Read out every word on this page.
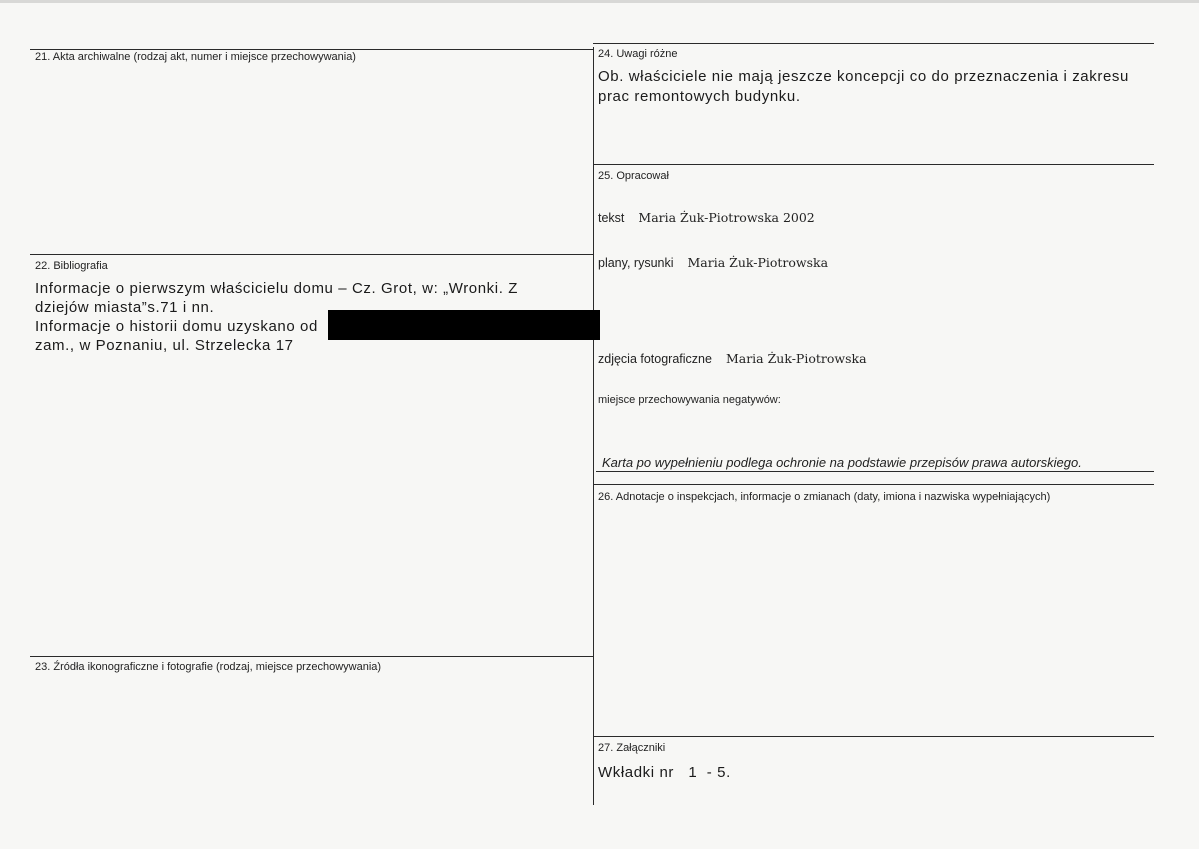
21. Akta archiwalne (rodzaj akt, numer i miejsce przechowywania)
22. Bibliografia
Informacje o pierwszym właścicielu domu – Cz. Grot, w: „Wronki. Z
dziejów miasta”s.71 i nn.
Informacje o historii domu uzyskano od
zam., w Poznaniu, ul. Strzelecka 17
23. Źródła ikonograficzne i fotografie (rodzaj, miejsce przechowywania)
24. Uwagi różne
Ob. właściciele nie mają jeszcze koncepcji co do przeznaczenia i zakresu
prac remontowych budynku.
25. Opracował
tekst Maria Żuk-Piotrowska 2002
plany, rysunki Maria Żuk-Piotrowska
zdjęcia fotograficzne Maria Żuk-Piotrowska
miejsce przechowywania negatywów:
Karta po wypełnieniu podlega ochronie na podstawie przepisów prawa autorskiego.
26. Adnotacje o inspekcjach, informacje o zmianach (daty, imiona i nazwiska wypełniających)
27. Załączniki
Wkładki nr   1  - 5.
